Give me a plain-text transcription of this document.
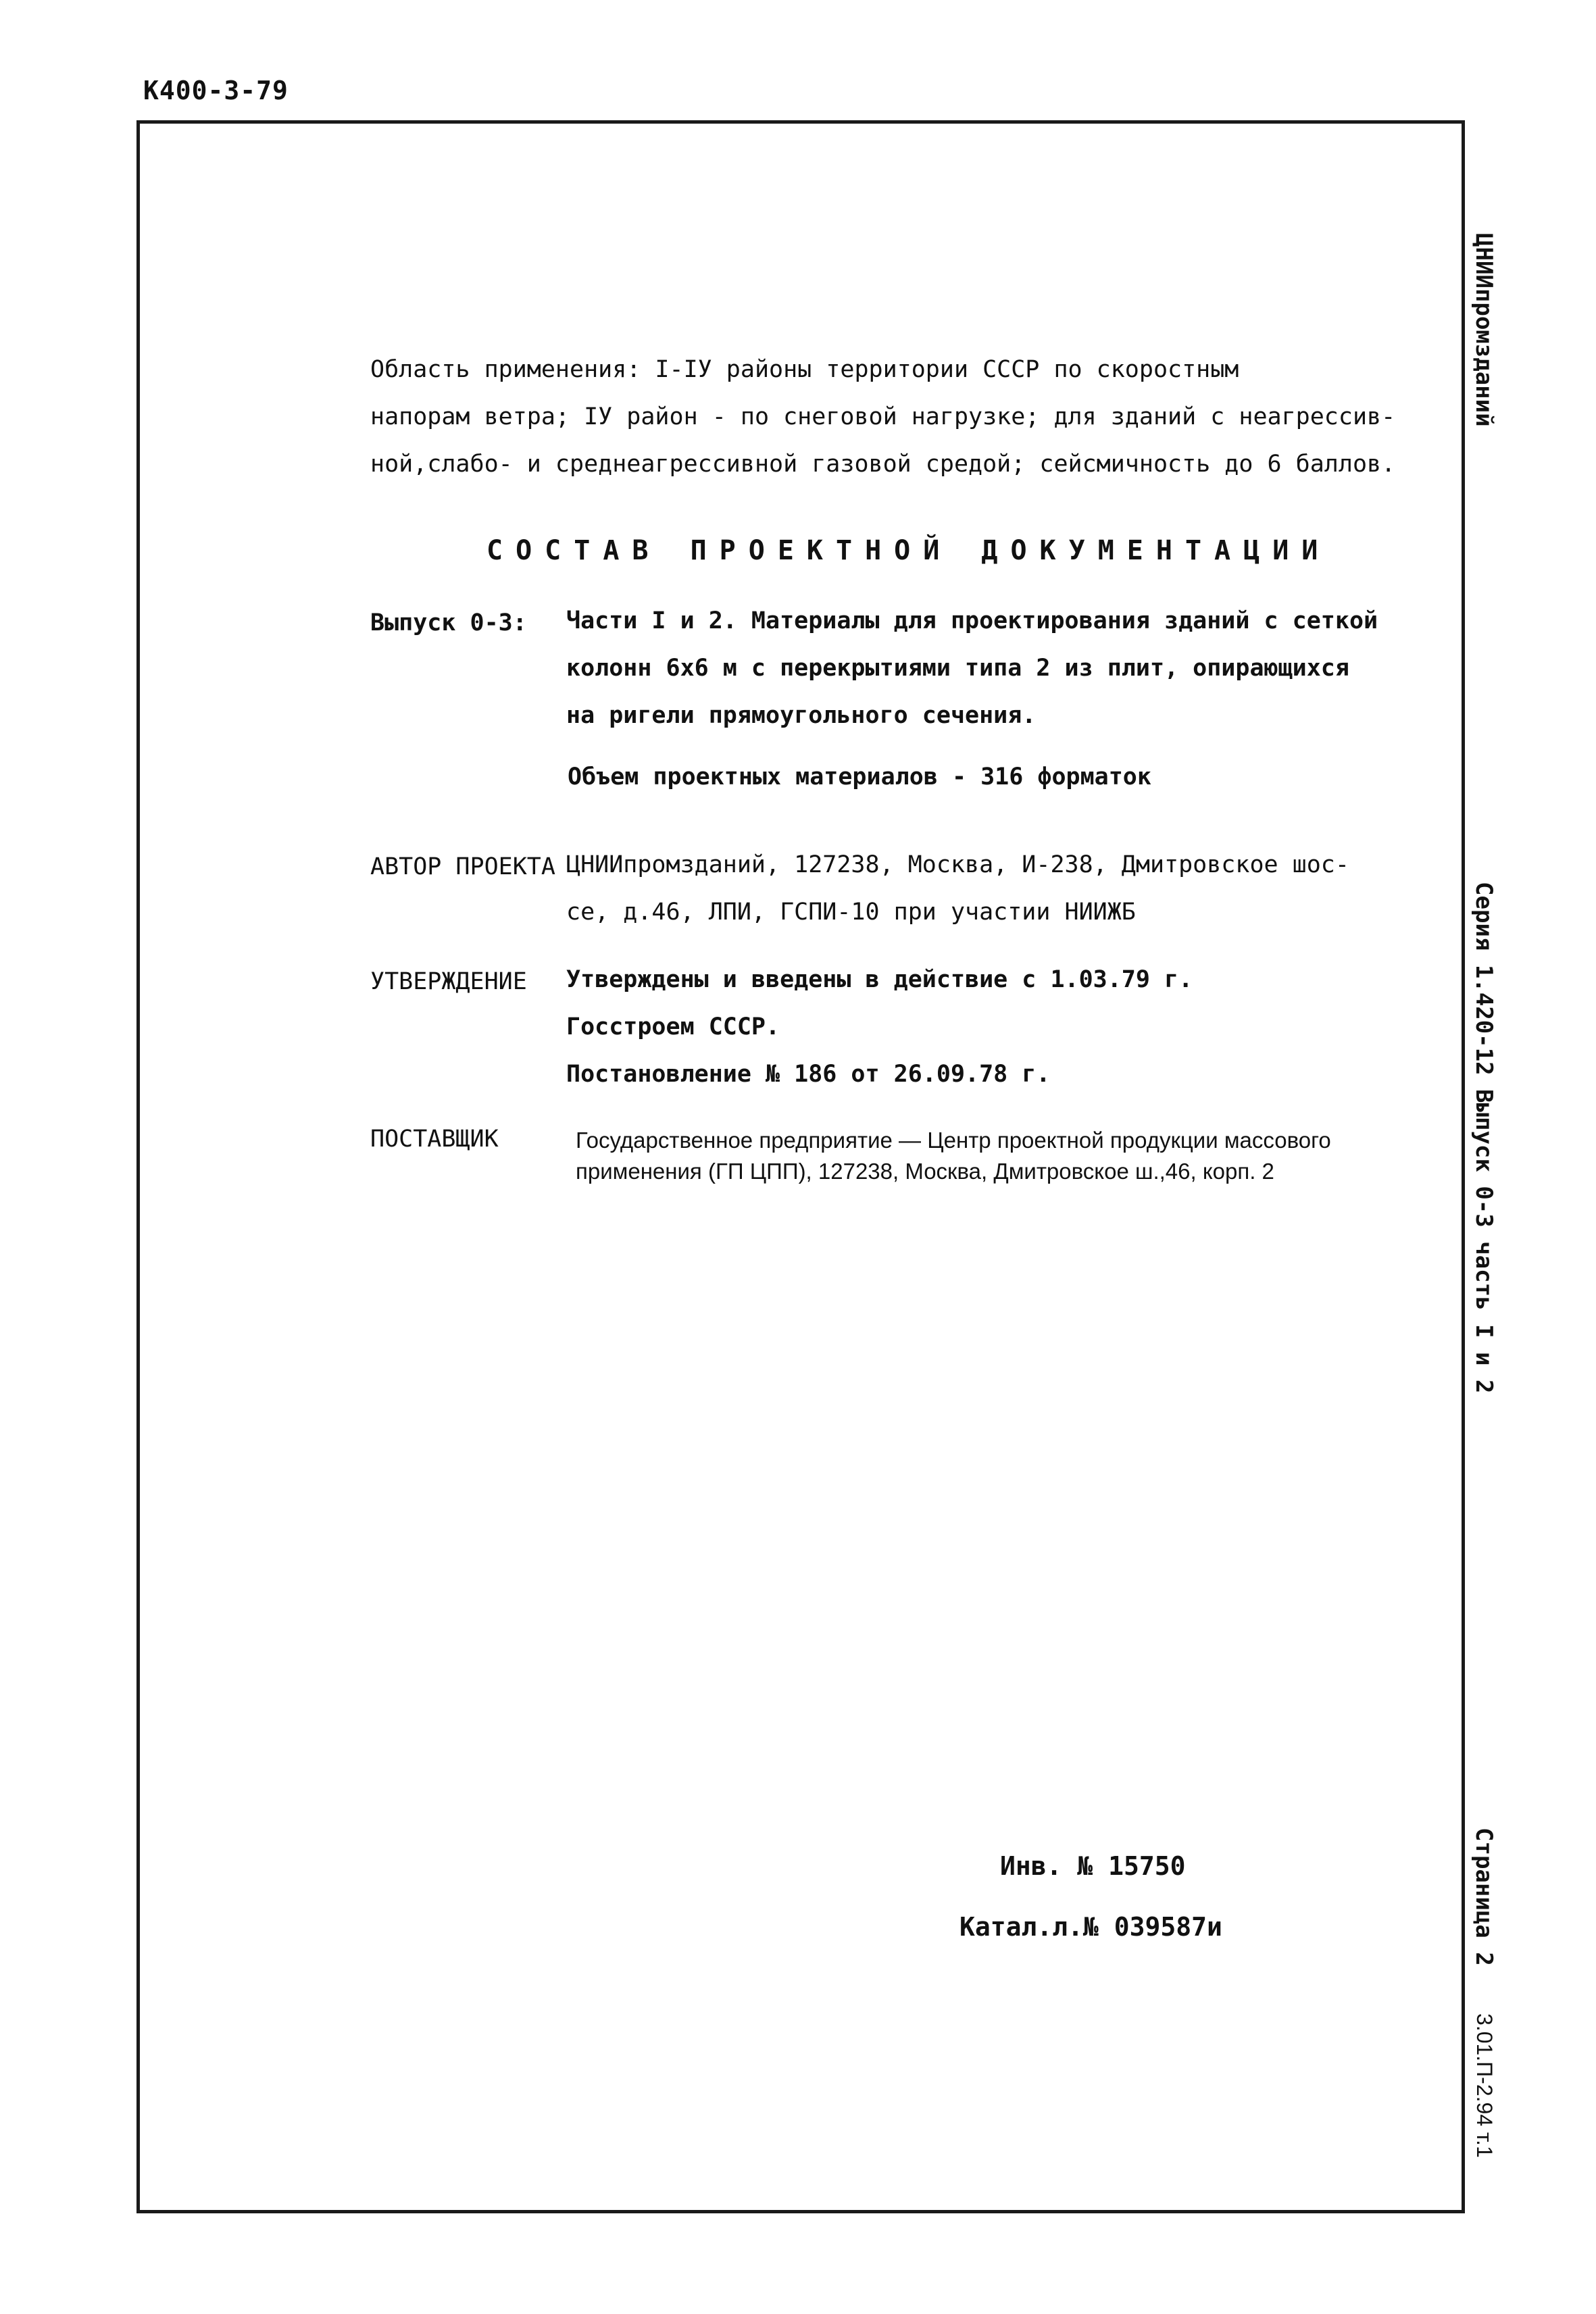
К400-3-79
ЦНИИпромзданий
Серия 1.420-12 Выпуск 0-3 часть I и 2
Страница 2
3.01.П-2.94 т.1
Область применения: I-IУ районы территории СССР по скоростным
напорам ветра; IУ район - по снеговой нагрузке; для зданий с неагрессив-
ной,слабо- и среднеагрессивной газовой средой; сейсмичность до 6 баллов.
СОСТАВ ПРОЕКТНОЙ ДОКУМЕНТАЦИИ
Выпуск 0-3: Части I и 2. Материалы для проектирования зданий с сеткой
колонн 6х6 м с перекрытиями типа 2 из плит, опирающихся
на ригели прямоугольного сечения.
Объем проектных материалов - 316 форматок
АВТОР ПРОЕКТА ЦНИИпромзданий, 127238, Москва, И-238, Дмитровское шос-
се, д.46, ЛПИ, ГСПИ-10 при участии НИИЖБ
УТВЕРЖДЕНИЕ Утверждены и введены в действие с 1.03.79 г.
Госстроем СССР.
Постановление № 186 от 26.09.78 г.
ПОСТАВЩИК	Государственное предприятие — Центр проектной продукции массового
применения (ГП ЦПП), 127238, Москва, Дмитровское ш.,46, корп. 2
Инв. № 15750
Катал.л.№ 039587и
